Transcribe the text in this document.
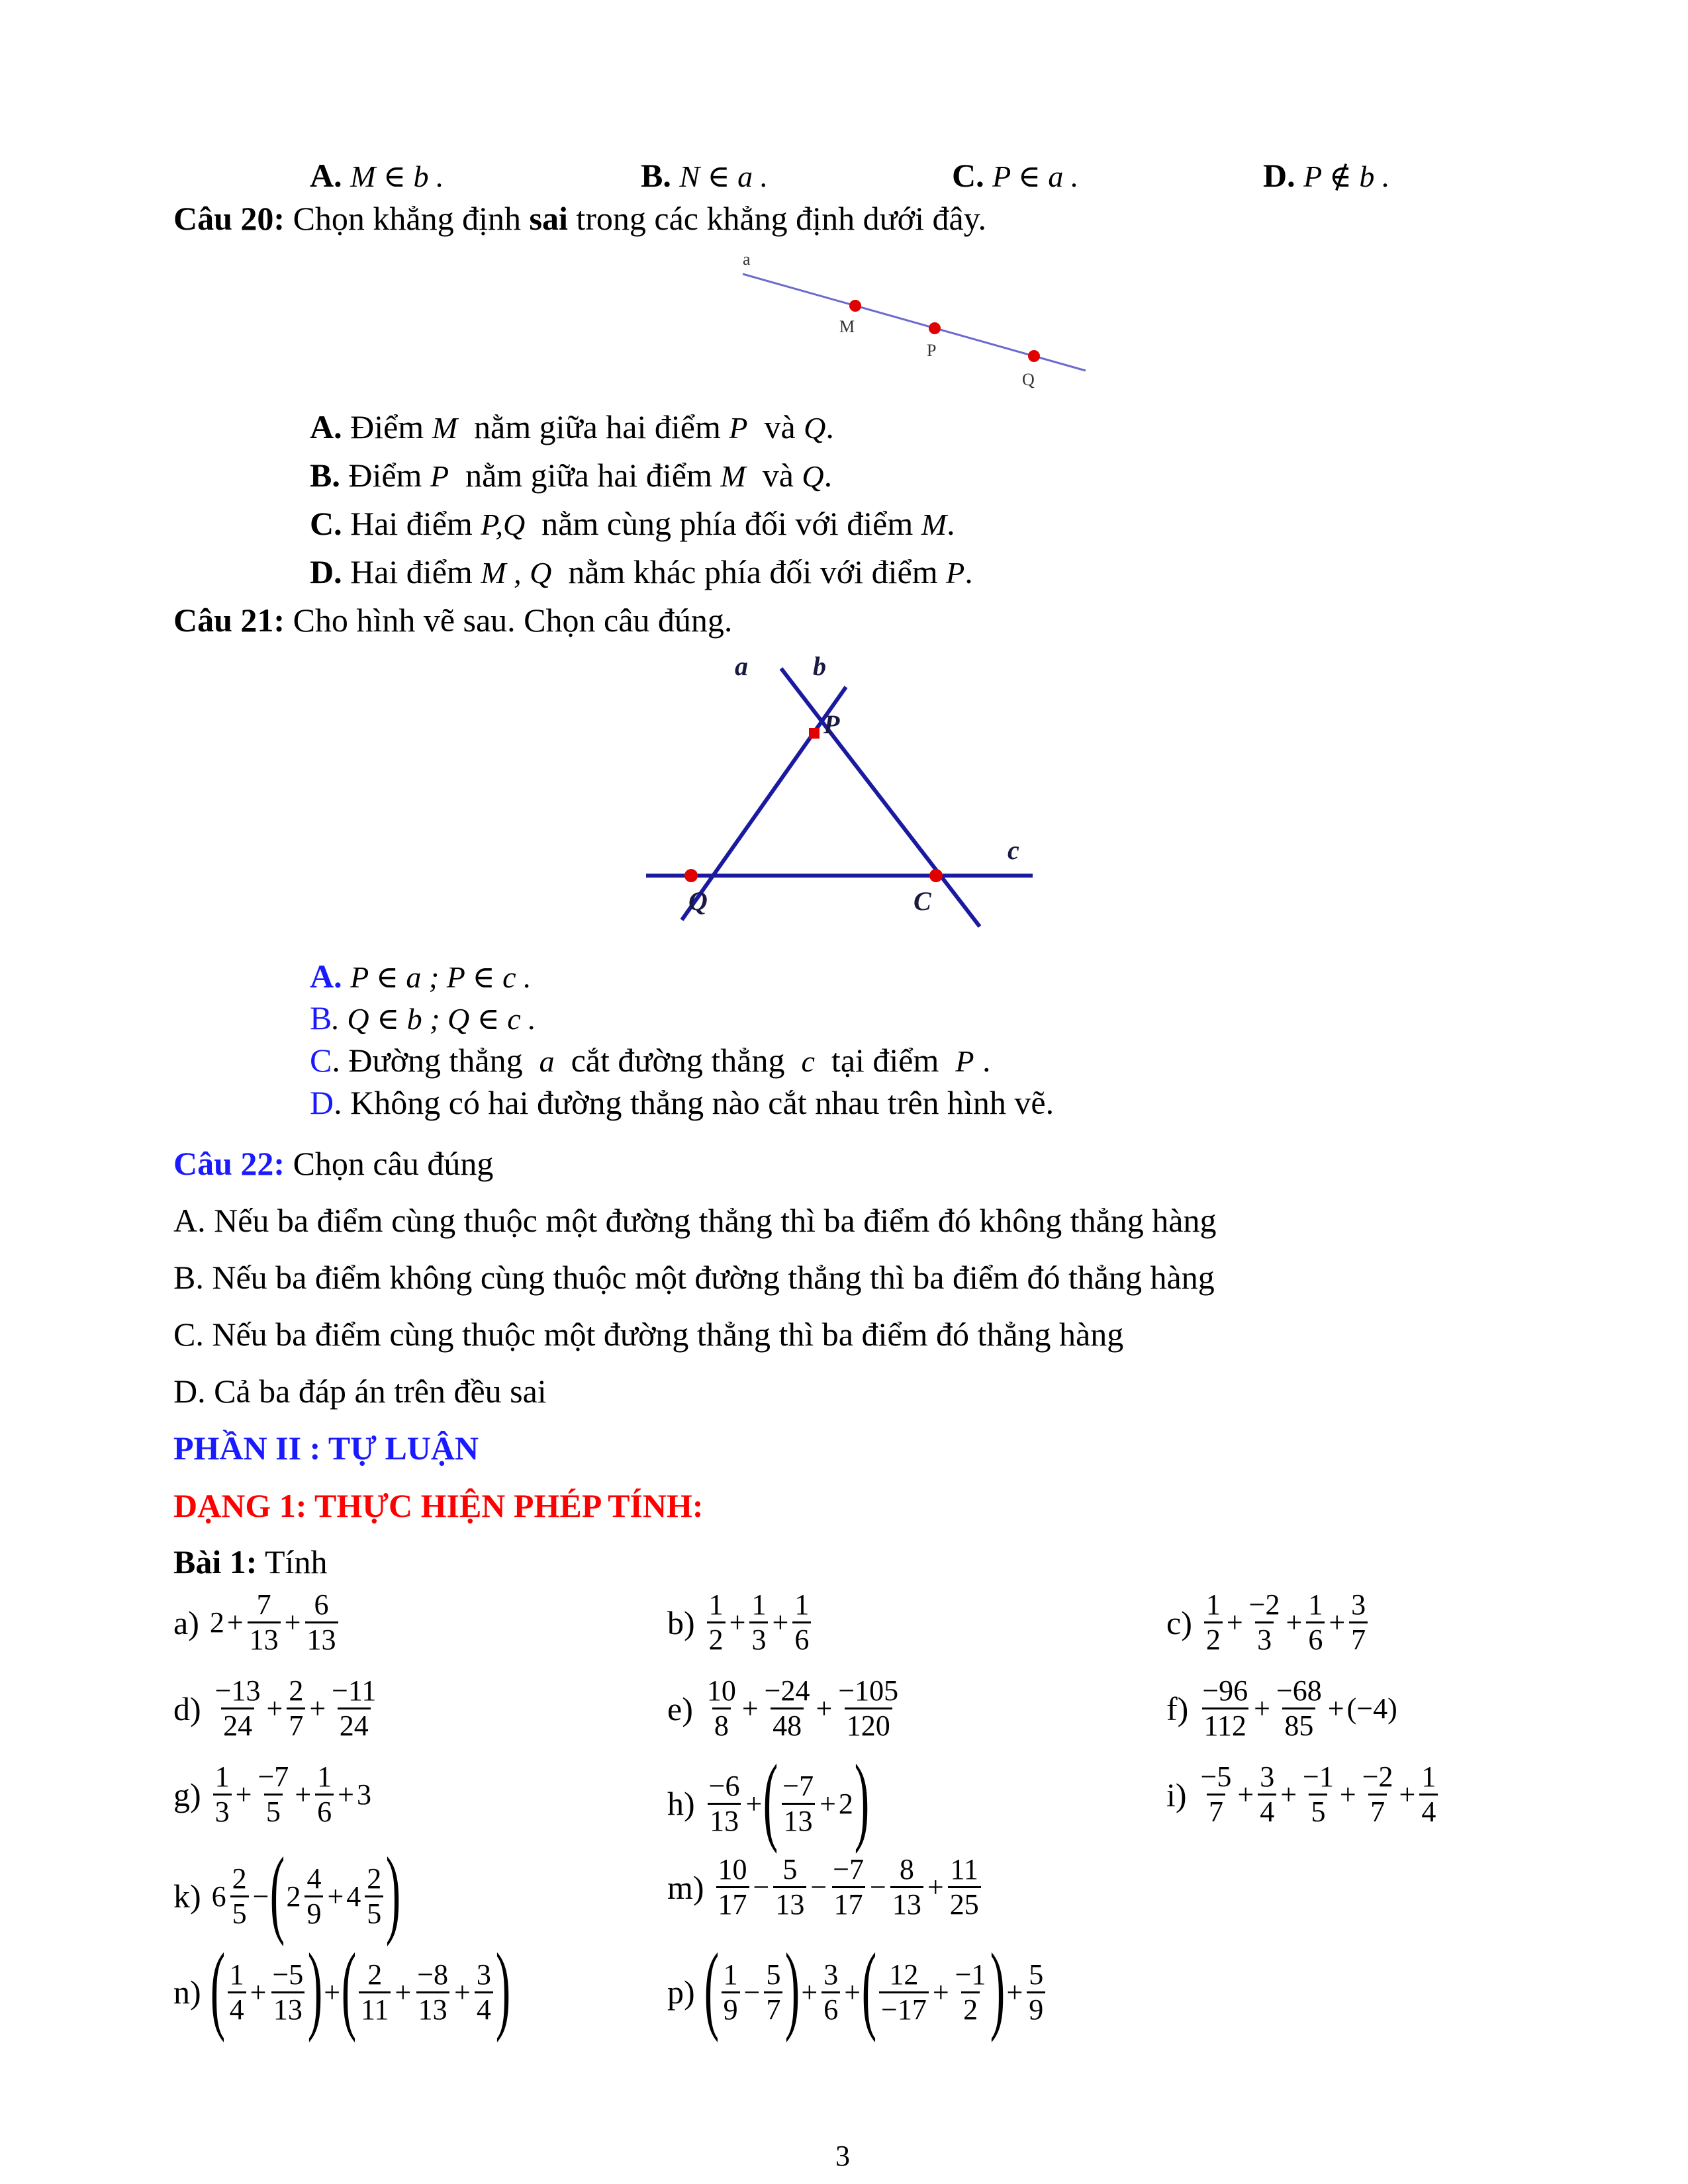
A. M ∈ b .	B. N ∈ a .	C. P ∈ a .	D. P ∉ b .
Câu 20: Chọn khẳng định sai trong các khẳng định dưới đây.
a
M
P
Q
A. Điểm M nằm giữa hai điểm P và Q.
B. Điểm P nằm giữa hai điểm M và Q.
C. Hai điểm P,Q nằm cùng phía đối với điểm M.
D. Hai điểm M , Q nằm khác phía đối với điểm P.
Câu 21: Cho hình vẽ sau. Chọn câu đúng.
a b
c
P
Q	C
A. P ∈ a ; P ∈ c .
B. Q ∈ b ; Q ∈ c .
C. Đường thẳng a cắt đường thẳng c tại điểm P .
D. Không có hai đường thẳng nào cắt nhau trên hình vẽ.
Câu 22: Chọn câu đúng
A. Nếu ba điểm cùng thuộc một đường thẳng thì ba điểm đó không thẳng hàng
B. Nếu ba điểm không cùng thuộc một đường thẳng thì ba điểm đó thẳng hàng
C. Nếu ba điểm cùng thuộc một đường thẳng thì ba điểm đó thẳng hàng
D. Cả ba đáp án trên đều sai
PHẦN II : TỰ LUẬN
DẠNG 1: THỰC HIỆN PHÉP TÍNH:
Bài 1: Tính
a) $2 + \frac{7}{13} + \frac{6}{13}$	$b) \frac{1}{2} + \frac{1}{3} + \frac{1}{6}$	$c) \frac{1}{2} + \frac{-2}{3} + \frac{1}{6} + \frac{3}{7}$
$d) \frac{-13}{24} + \frac{2}{7} + \frac{-11}{24}$	$e) \frac{10}{8} + \frac{-24}{48} + \frac{-105}{120}$	$f) \frac{-96}{112} + \frac{-68}{85} + (-4)$
$g) \frac{1}{3} + \frac{-7}{5} + \frac{1}{6} + 3$	$h) \frac{-6}{13}$ + ( $\frac{-7}{13} + 2$ )	$i) \frac{-5}{7} + \frac{3}{4} + \frac{-1}{5} + \frac{-2}{7} + \frac{1}{4}$
k) $6 \frac{2}{5}$ − ( $2 \frac{4}{9} + 4 \frac{2}{5}$ )	$m) \frac{10}{17} - \frac{5}{13} - \frac{-7}{17} - \frac{8}{13} + \frac{11}{25}$
n) ( $\frac{1}{4} + \frac{-5}{13}$ ) + ( $\frac{2}{11} + \frac{-8}{13} + \frac{3}{4}$ )	p) ( $\frac{1}{9} - \frac{5}{7}$ ) + $\frac{3}{6}$ + ( $\frac{12}{-17} + \frac{-1}{2}$ ) + $\frac{5}{9}$
3
